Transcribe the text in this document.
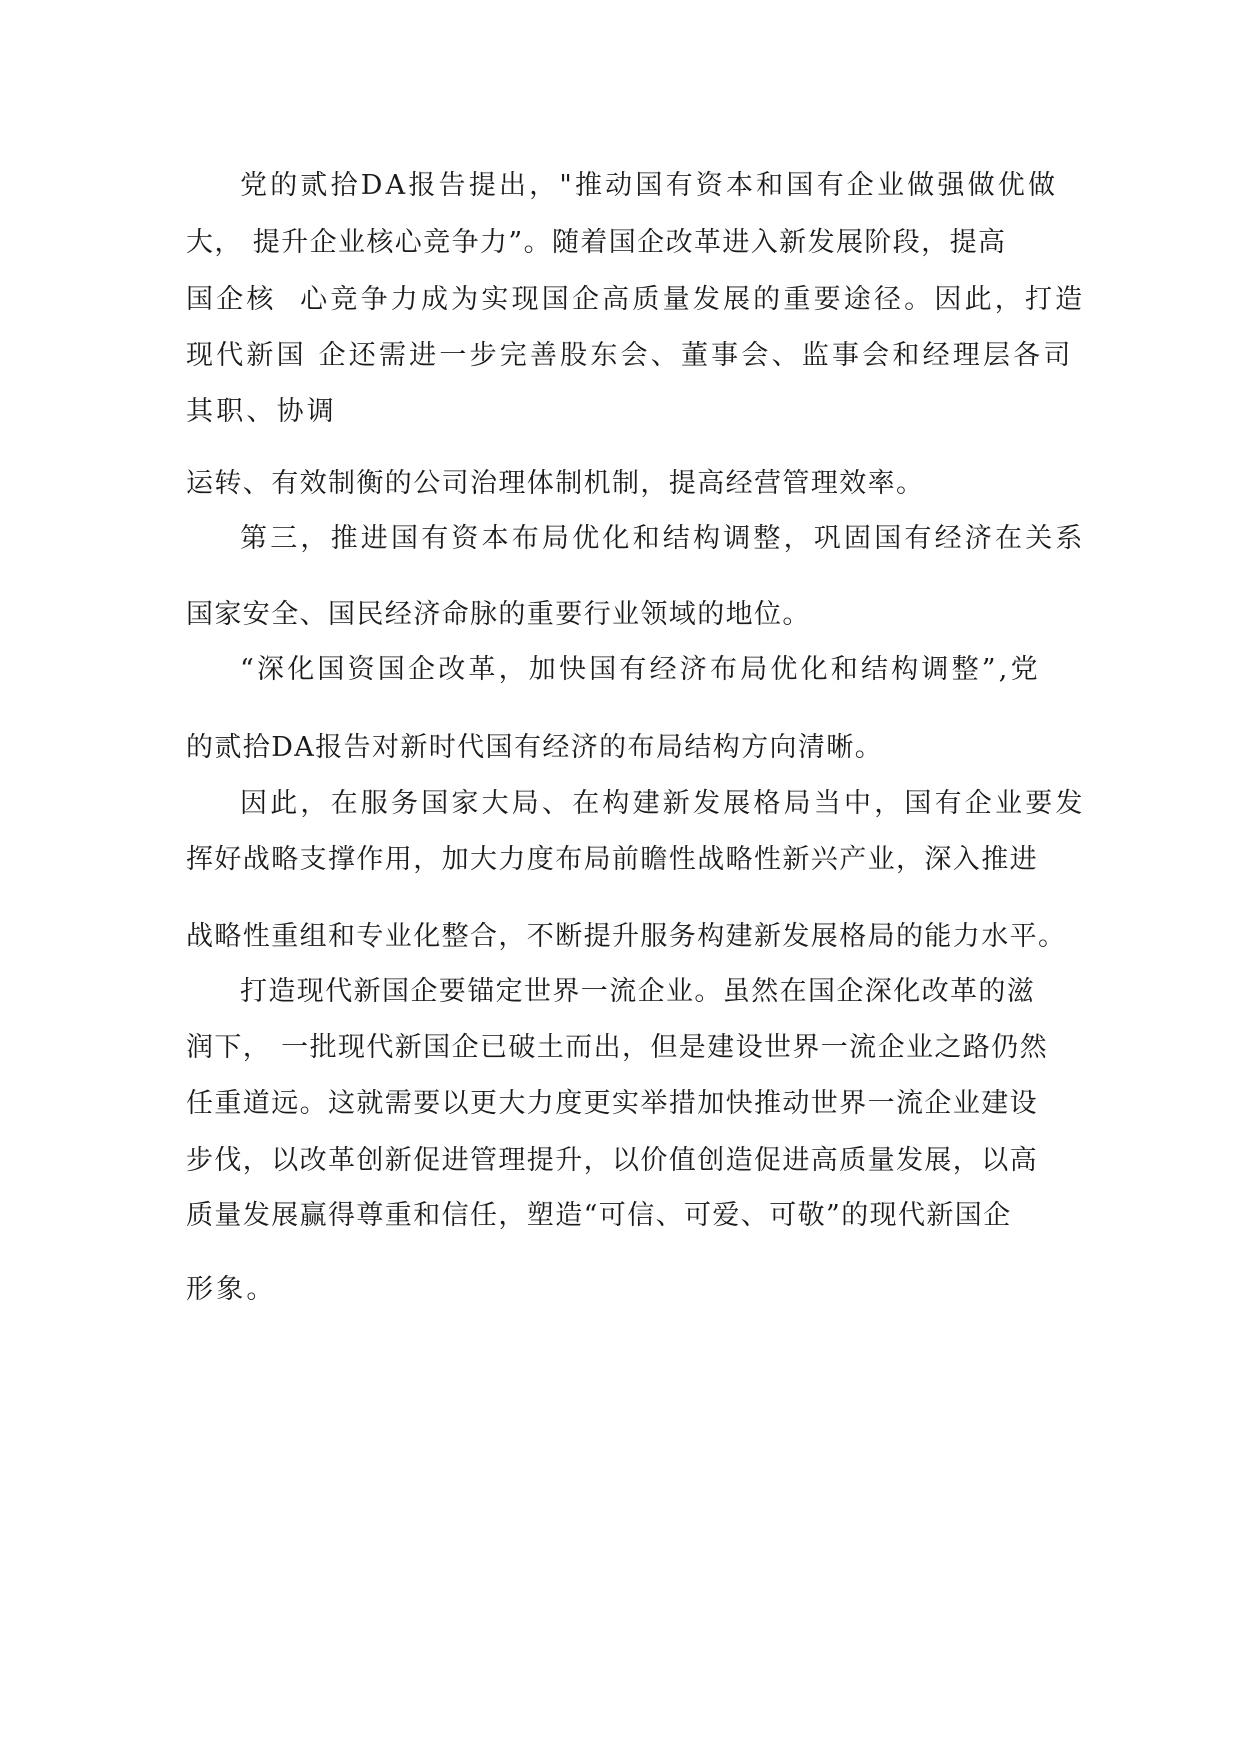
党的贰拾DA报告提出，"推动国有资本和国有企业做强做优做
大， 提升企业核心竞争力”。随着国企改革进入新发展阶段，提高
国企核  心竞争力成为实现国企高质量发展的重要途径。因此，打造
现代新国 企还需进一步完善股东会、董事会、监事会和经理层各司
其职、协调
运转、有效制衡的公司治理体制机制，提高经营管理效率。
第三，推进国有资本布局优化和结构调整，巩固国有经济在关系
国家安全、国民经济命脉的重要行业领域的地位。
“深化国资国企改革，加快国有经济布局优化和结构调整”,党
的贰拾DA报告对新时代国有经济的布局结构方向清晰。
因此，在服务国家大局、在构建新发展格局当中，国有企业要发
挥好战略支撑作用，加大力度布局前瞻性战略性新兴产业，深入推进
战略性重组和专业化整合，不断提升服务构建新发展格局的能力水平。
打造现代新国企要锚定世界一流企业。虽然在国企深化改革的滋
润下， 一批现代新国企已破土而出，但是建设世界一流企业之路仍然
任重道远。这就需要以更大力度更实举措加快推动世界一流企业建设
步伐，以改革创新促进管理提升，以价值创造促进高质量发展，以高
质量发展赢得尊重和信任，塑造“可信、可爱、可敬”的现代新国企
形象。
